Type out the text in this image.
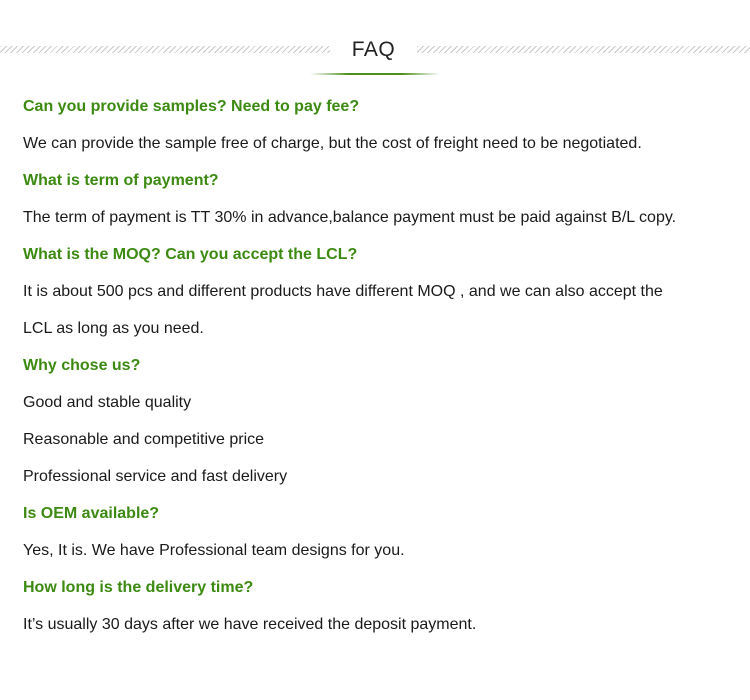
FAQ
Can you provide samples? Need to pay fee?
We can provide the sample free of charge, but the cost of freight need to be negotiated.
What is term of payment?
The term of payment is TT 30% in advance,balance payment must be paid against B/L copy.
What is the MOQ? Can you accept the LCL?
It is about 500 pcs and different products have different MOQ , and we can also accept the
LCL as long as you need.
Why chose us?
Good and stable quality
Reasonable and competitive price
Professional service and fast delivery
Is OEM available?
Yes, It is. We have Professional team designs for you.
How long is the delivery time?
It’s usually 30 days after we have received the deposit payment.
